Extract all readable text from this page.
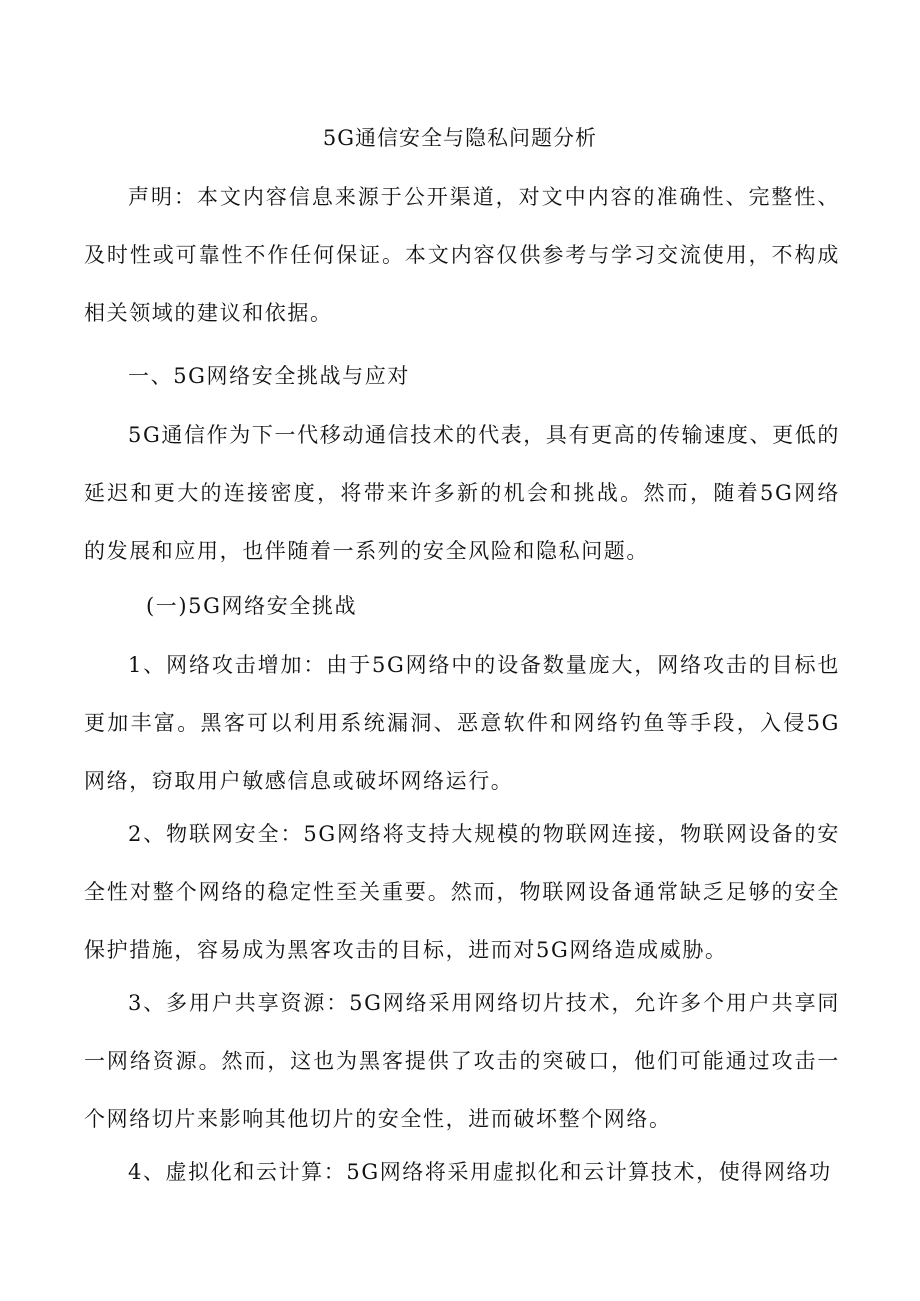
5G通信安全与隐私问题分析

声明：本文内容信息来源于公开渠道，对文中内容的准确性、完整性、及时性或可靠性不作任何保证。本文内容仅供参考与学习交流使用，不构成相关领域的建议和依据。

一、5G网络安全挑战与应对

5G通信作为下一代移动通信技术的代表，具有更高的传输速度、更低的延迟和更大的连接密度，将带来许多新的机会和挑战。然而，随着5G网络的发展和应用，也伴随着一系列的安全风险和隐私问题。

(一)5G网络安全挑战

1、网络攻击增加：由于5G网络中的设备数量庞大，网络攻击的目标也更加丰富。黑客可以利用系统漏洞、恶意软件和网络钓鱼等手段，入侵5G网络，窃取用户敏感信息或破坏网络运行。

2、物联网安全：5G网络将支持大规模的物联网连接，物联网设备的安全性对整个网络的稳定性至关重要。然而，物联网设备通常缺乏足够的安全保护措施，容易成为黑客攻击的目标，进而对5G网络造成威胁。

3、多用户共享资源：5G网络采用网络切片技术，允许多个用户共享同一网络资源。然而，这也为黑客提供了攻击的突破口，他们可能通过攻击一个网络切片来影响其他切片的安全性，进而破坏整个网络。

4、虚拟化和云计算：5G网络将采用虚拟化和云计算技术，使得网络功
